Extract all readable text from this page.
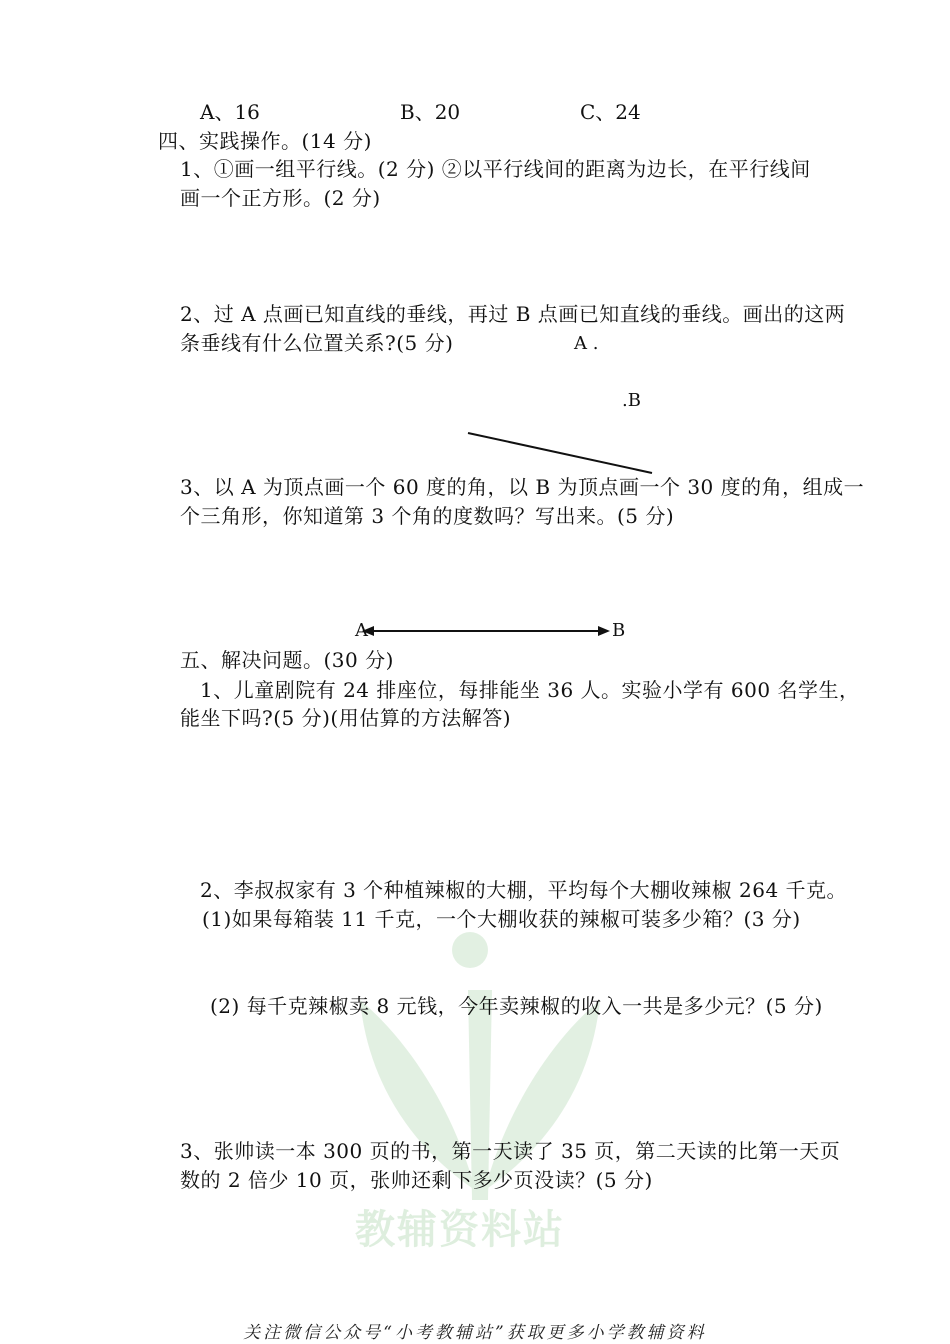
A、16	B、20	C、24
四、实践操作。(14 分)
1、①画一组平行线。(2 分) ②以平行线间的距离为边长，在平行线间
画一个正方形。(2 分)
2、过 A 点画已知直线的垂线，再过 B 点画已知直线的垂线。画出的这两
条垂线有什么位置关系?(5 分)	A .
.B
3、以 A 为顶点画一个 60 度的角，以 B 为顶点画一个 30 度的角，组成一
个三角形，你知道第 3 个角的度数吗？写出来。(5 分)
A	B
五、解决问题。(30 分)
1、儿童剧院有 24 排座位，每排能坐 36 人。实验小学有 600 名学生，
能坐下吗?(5 分)(用估算的方法解答)
教辅资料站
2、李叔叔家有 3 个种植辣椒的大棚，平均每个大棚收辣椒 264 千克。
(1)如果每箱装 11 千克，一个大棚收获的辣椒可装多少箱？(3 分)
(2) 每千克辣椒卖 8 元钱，今年卖辣椒的收入一共是多少元？(5 分)
3、张帅读一本 300 页的书，第一天读了 35 页，第二天读的比第一天页
数的 2 倍少 10 页，张帅还剩下多少页没读？(5 分)
关注微信公众号“小考教辅站”获取更多小学教辅资料
